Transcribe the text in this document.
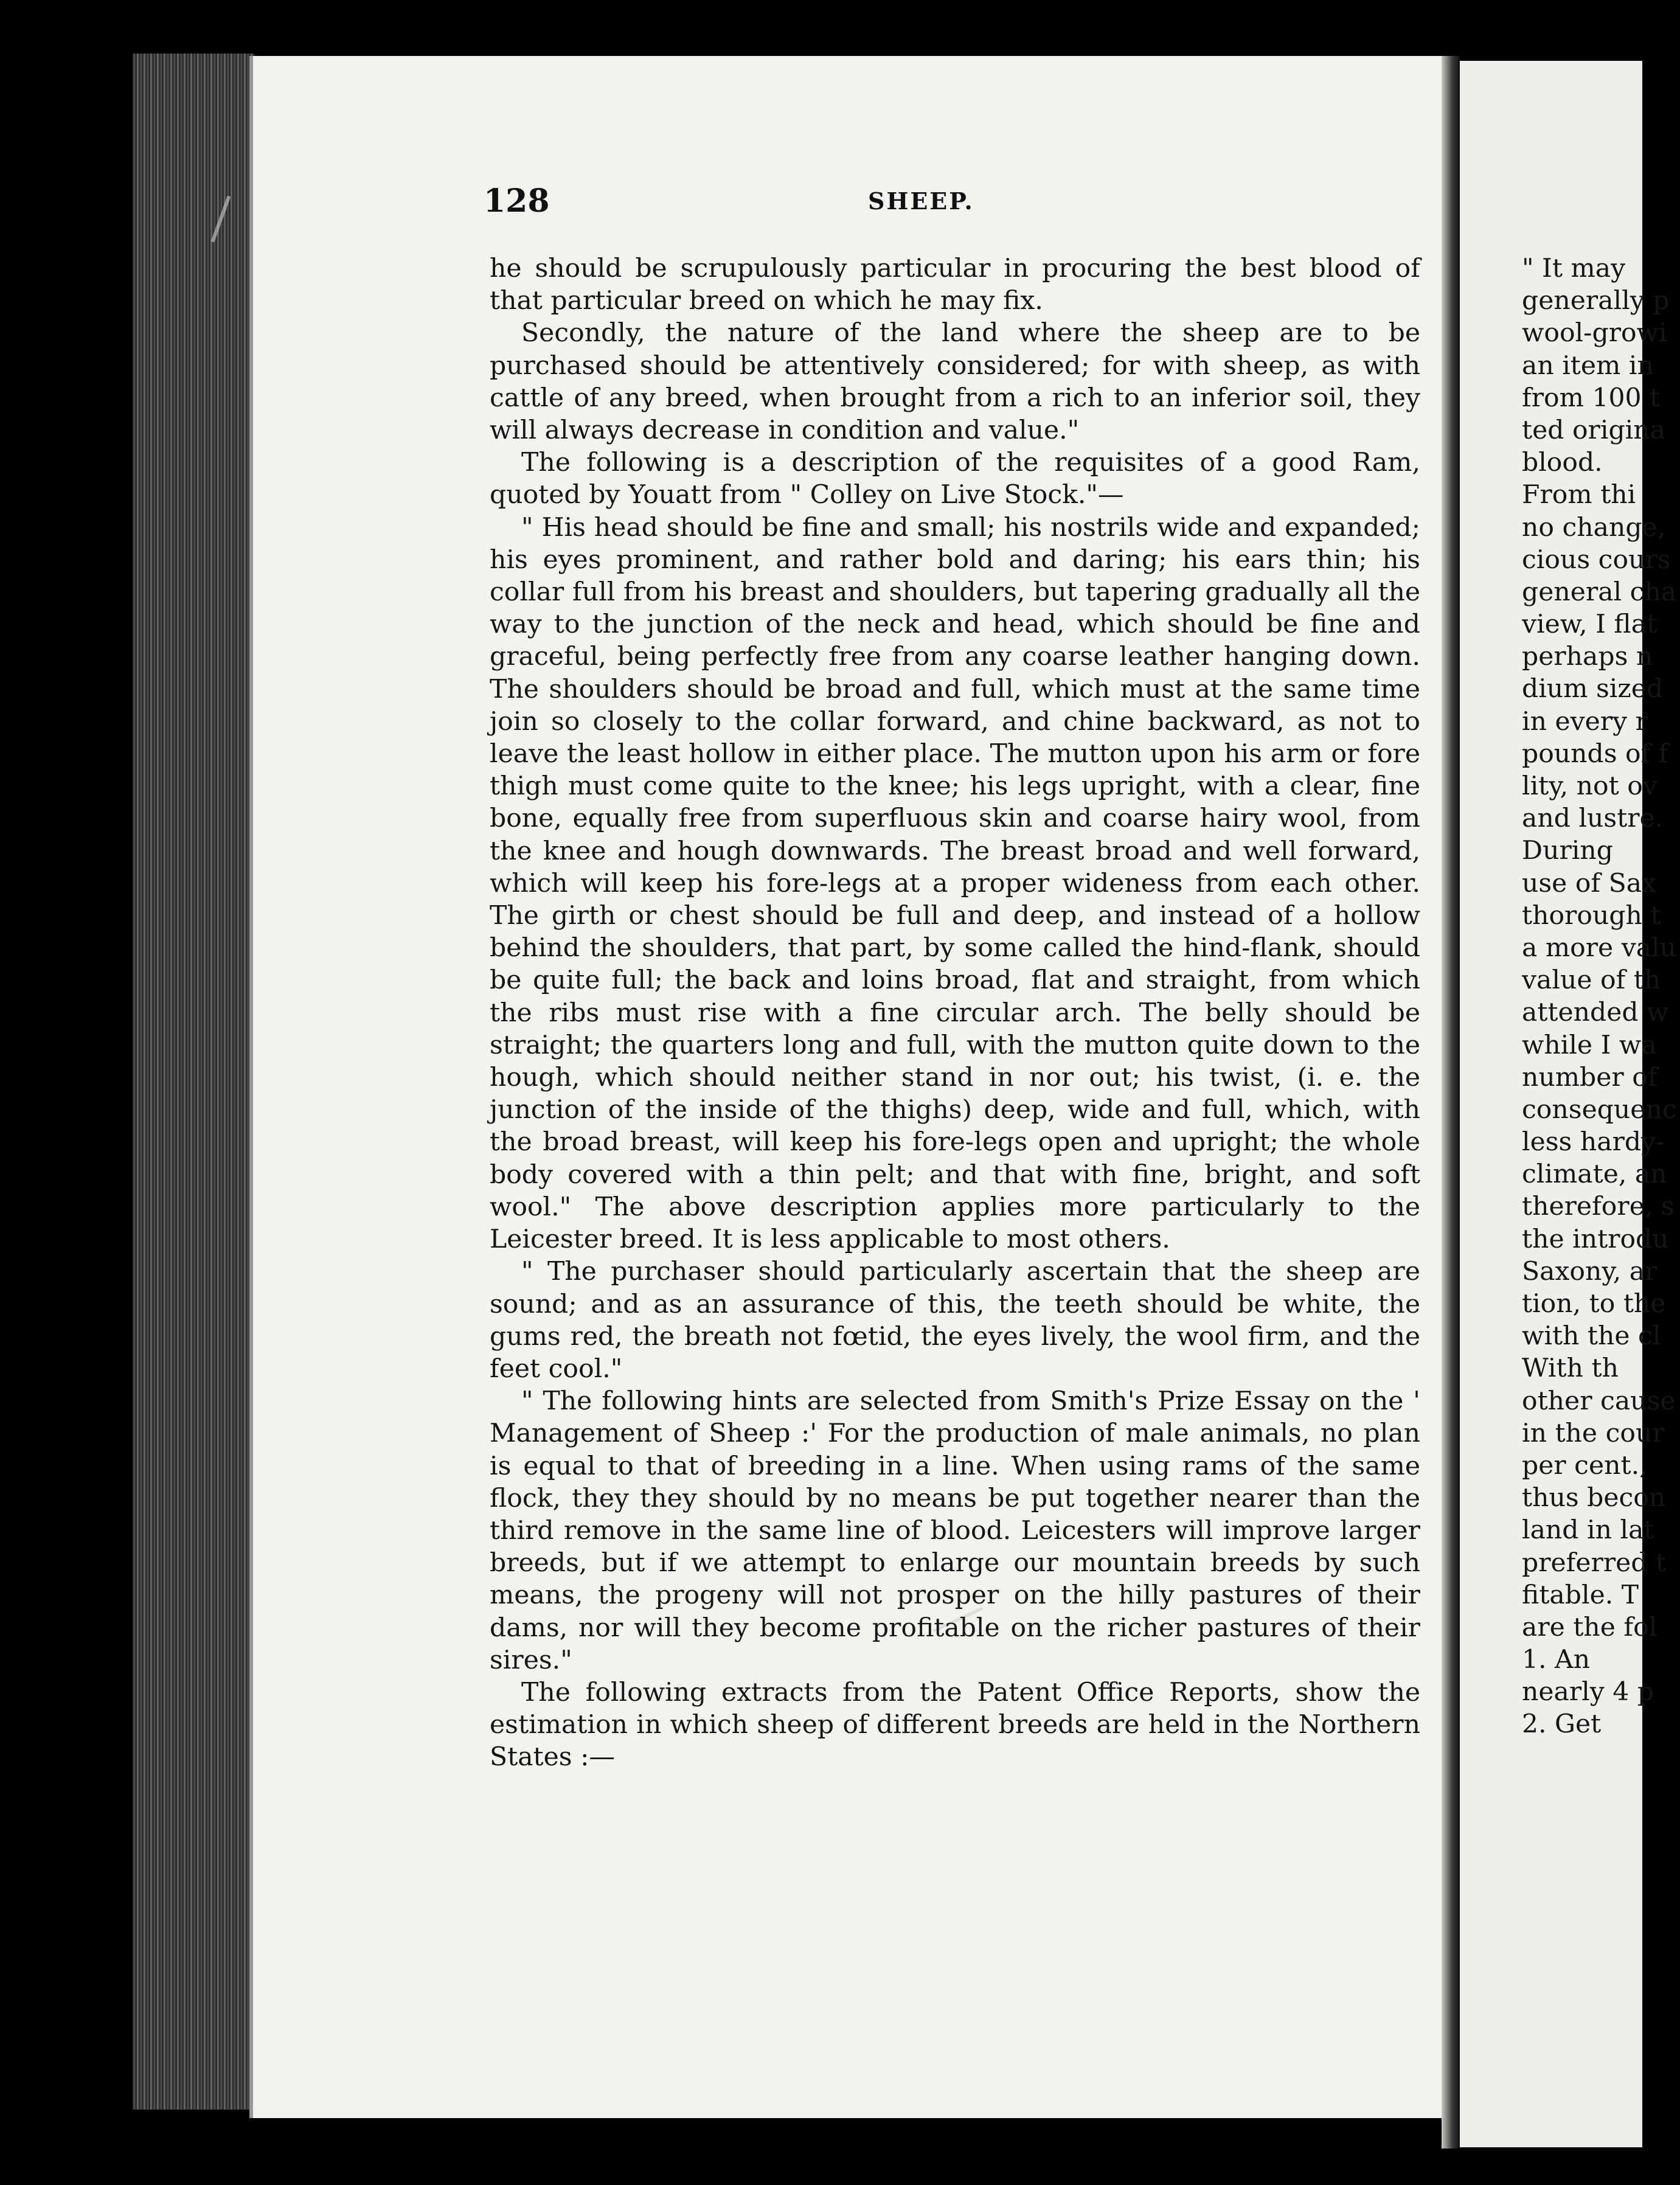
128	SHEEP.

he should be scrupulously particular in procuring the best blood of that particular breed on which he may fix.

Secondly, the nature of the land where the sheep are to be purchased should be attentively considered; for with sheep, as with cattle of any breed, when brought from a rich to an inferior soil, they will always decrease in condition and value."

The following is a description of the requisites of a good Ram, quoted by Youatt from " Colley on Live Stock."—

" His head should be fine and small; his nostrils wide and expanded; his eyes prominent, and rather bold and daring; his ears thin; his collar full from his breast and shoulders, but tapering gradually all the way to the junction of the neck and head, which should be fine and graceful, being perfectly free from any coarse leather hanging down. The shoulders should be broad and full, which must at the same time join so closely to the collar forward, and chine backward, as not to leave the least hollow in either place. The mutton upon his arm or fore thigh must come quite to the knee; his legs upright, with a clear, fine bone, equally free from superfluous skin and coarse hairy wool, from the knee and hough downwards. The breast broad and well forward, which will keep his fore-legs at a proper wideness from each other. The girth or chest should be full and deep, and instead of a hollow behind the shoulders, that part, by some called the hind-flank, should be quite full; the back and loins broad, flat and straight, from which the ribs must rise with a fine circular arch. The belly should be straight; the quarters long and full, with the mutton quite down to the hough, which should neither stand in nor out; his twist, (i. e. the junction of the inside of the thighs) deep, wide and full, which, with the broad breast, will keep his fore-legs open and upright; the whole body covered with a thin pelt; and that with fine, bright, and soft wool." The above description applies more particularly to the Leicester breed. It is less applicable to most others.

" The purchaser should particularly ascertain that the sheep are sound; and as an assurance of this, the teeth should be white, the gums red, the breath not fœtid, the eyes lively, the wool firm, and the feet cool."

" The following hints are selected from Smith's Prize Essay on the ' Management of Sheep :' For the production of male animals, no plan is equal to that of breeding in a line. When using rams of the same flock, they they should by no means be put together nearer than the third remove in the same line of blood. Leicesters will improve larger breeds, but if we attempt to enlarge our mountain breeds by such means, the progeny will not prosper on the hilly pastures of their dams, nor will they become profitable on the richer pastures of their sires."

The following extracts from the Patent Office Reports, show the estimation in which sheep of different breeds are held in the Northern States :—

" It may
generally p
wool-growi
an item in
from 100 t
ted origina
blood.
From thi
no change,
cious cours
general cha
view, I flat
perhaps n
dium sized
in every r
pounds of f
lity, not ov
and lustre.
During
use of Sax
thorough t
a more valu
value of th
attended w
while I wa
number of
consequenc
less hardy-
climate, an
therefore, s
the introdu
Saxony, ar
tion, to the
with the cl
With th
other cause
in the cour
per cent.,
thus becon
land in lat
preferred t
fitable. T
are the fol
1. An
nearly 4 p
2. Get
